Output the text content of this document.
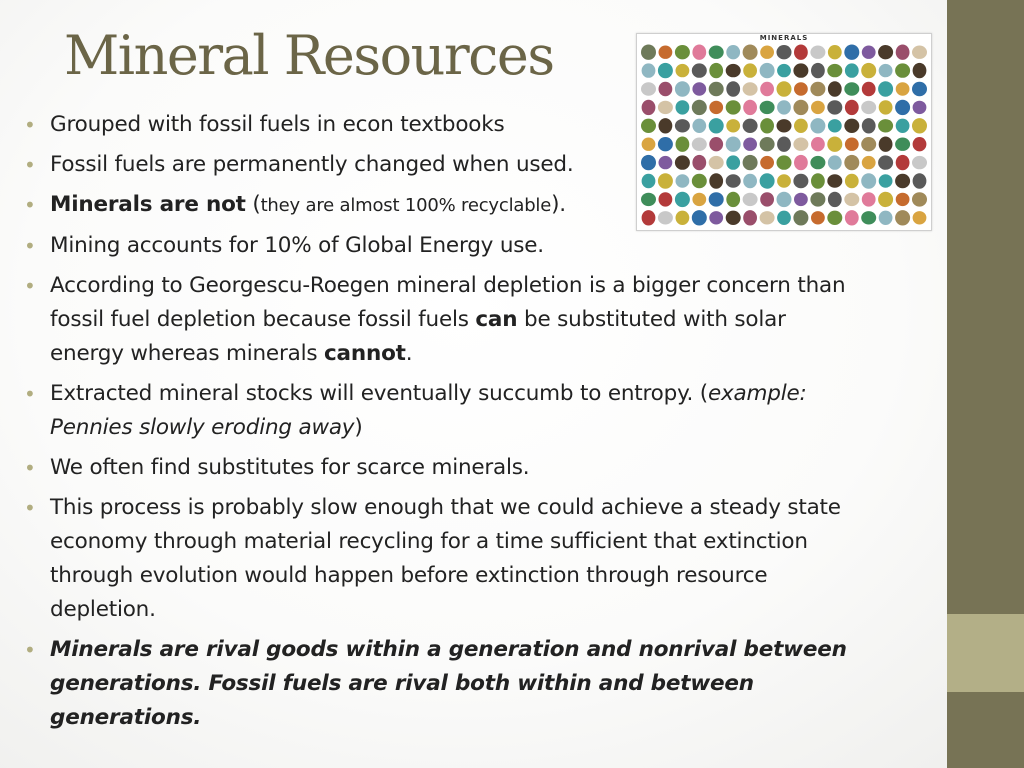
Mineral Resources	MINERALS
• Grouped with fossil fuels in econ textbooks
• Fossil fuels are permanently changed when used.
• Minerals are not (they are almost 100% recyclable).
• Mining accounts for 10% of Global Energy use.
• According to Georgescu-Roegen mineral depletion is a bigger concern than fossil fuel depletion because fossil fuels can be substituted with solar energy whereas minerals cannot.
• Extracted mineral stocks will eventually succumb to entropy. (example: Pennies slowly eroding away)
• We often find substitutes for scarce minerals.
• This process is probably slow enough that we could achieve a steady state economy through material recycling for a time sufficient that extinction through evolution would happen before extinction through resource depletion.
• Minerals are rival goods within a generation and nonrival between generations. Fossil fuels are rival both within and between generations.
